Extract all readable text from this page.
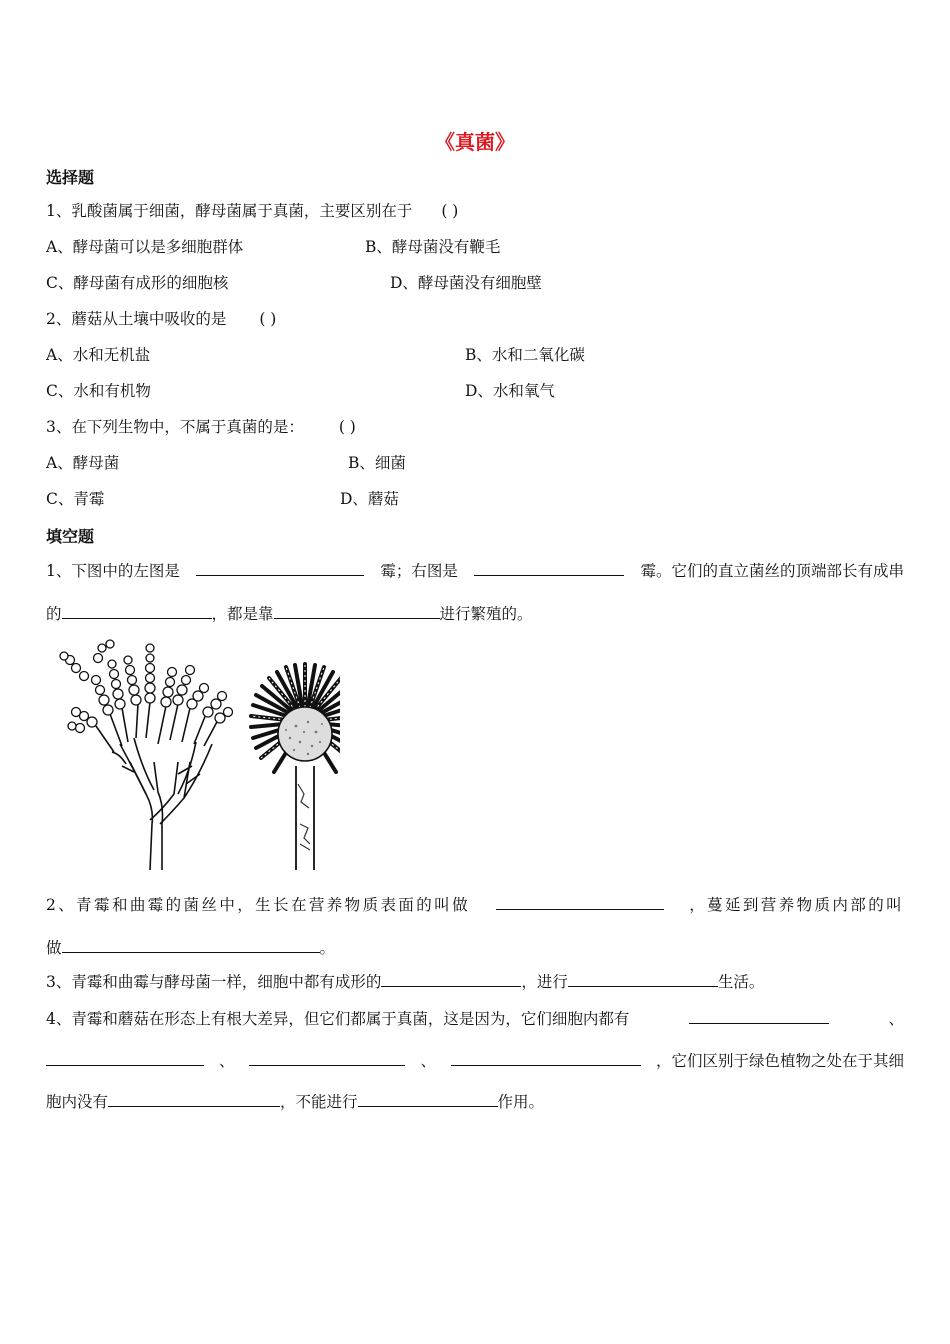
《真菌》
选择题
1、乳酸菌属于细菌，酵母菌属于真菌，主要区别在于 ( )
A、酵母菌可以是多细胞群体	B、酵母菌没有鞭毛
C、酵母菌有成形的细胞核	D、酵母菌没有细胞壁
2、蘑菇从土壤中吸收的是 ( )
A、水和无机盐	B、水和二氧化碳
C、水和有机物	D、水和氧气
3、在下列生物中，不属于真菌的是： ( )
A、酵母菌	B、细菌
C、青霉	D、蘑菇
填空题
1、下图中的左图是	霉；右图是	霉。它们的直立菌丝的顶端部长有成串
的	，都是靠	进行繁殖的。
2、青霉和曲霉的菌丝中，生长在营养物质表面的叫做	，蔓延到营养物质内部的叫
做	。
3、青霉和曲霉与酵母菌一样，细胞中都有成形的	，进行	生活。
4、青霉和蘑菇在形态上有根大差异，但它们都属于真菌，这是因为，它们细胞内都有	、
、	、	，它们区别于绿色植物之处在于其细
胞内没有	，不能进行	作用。
